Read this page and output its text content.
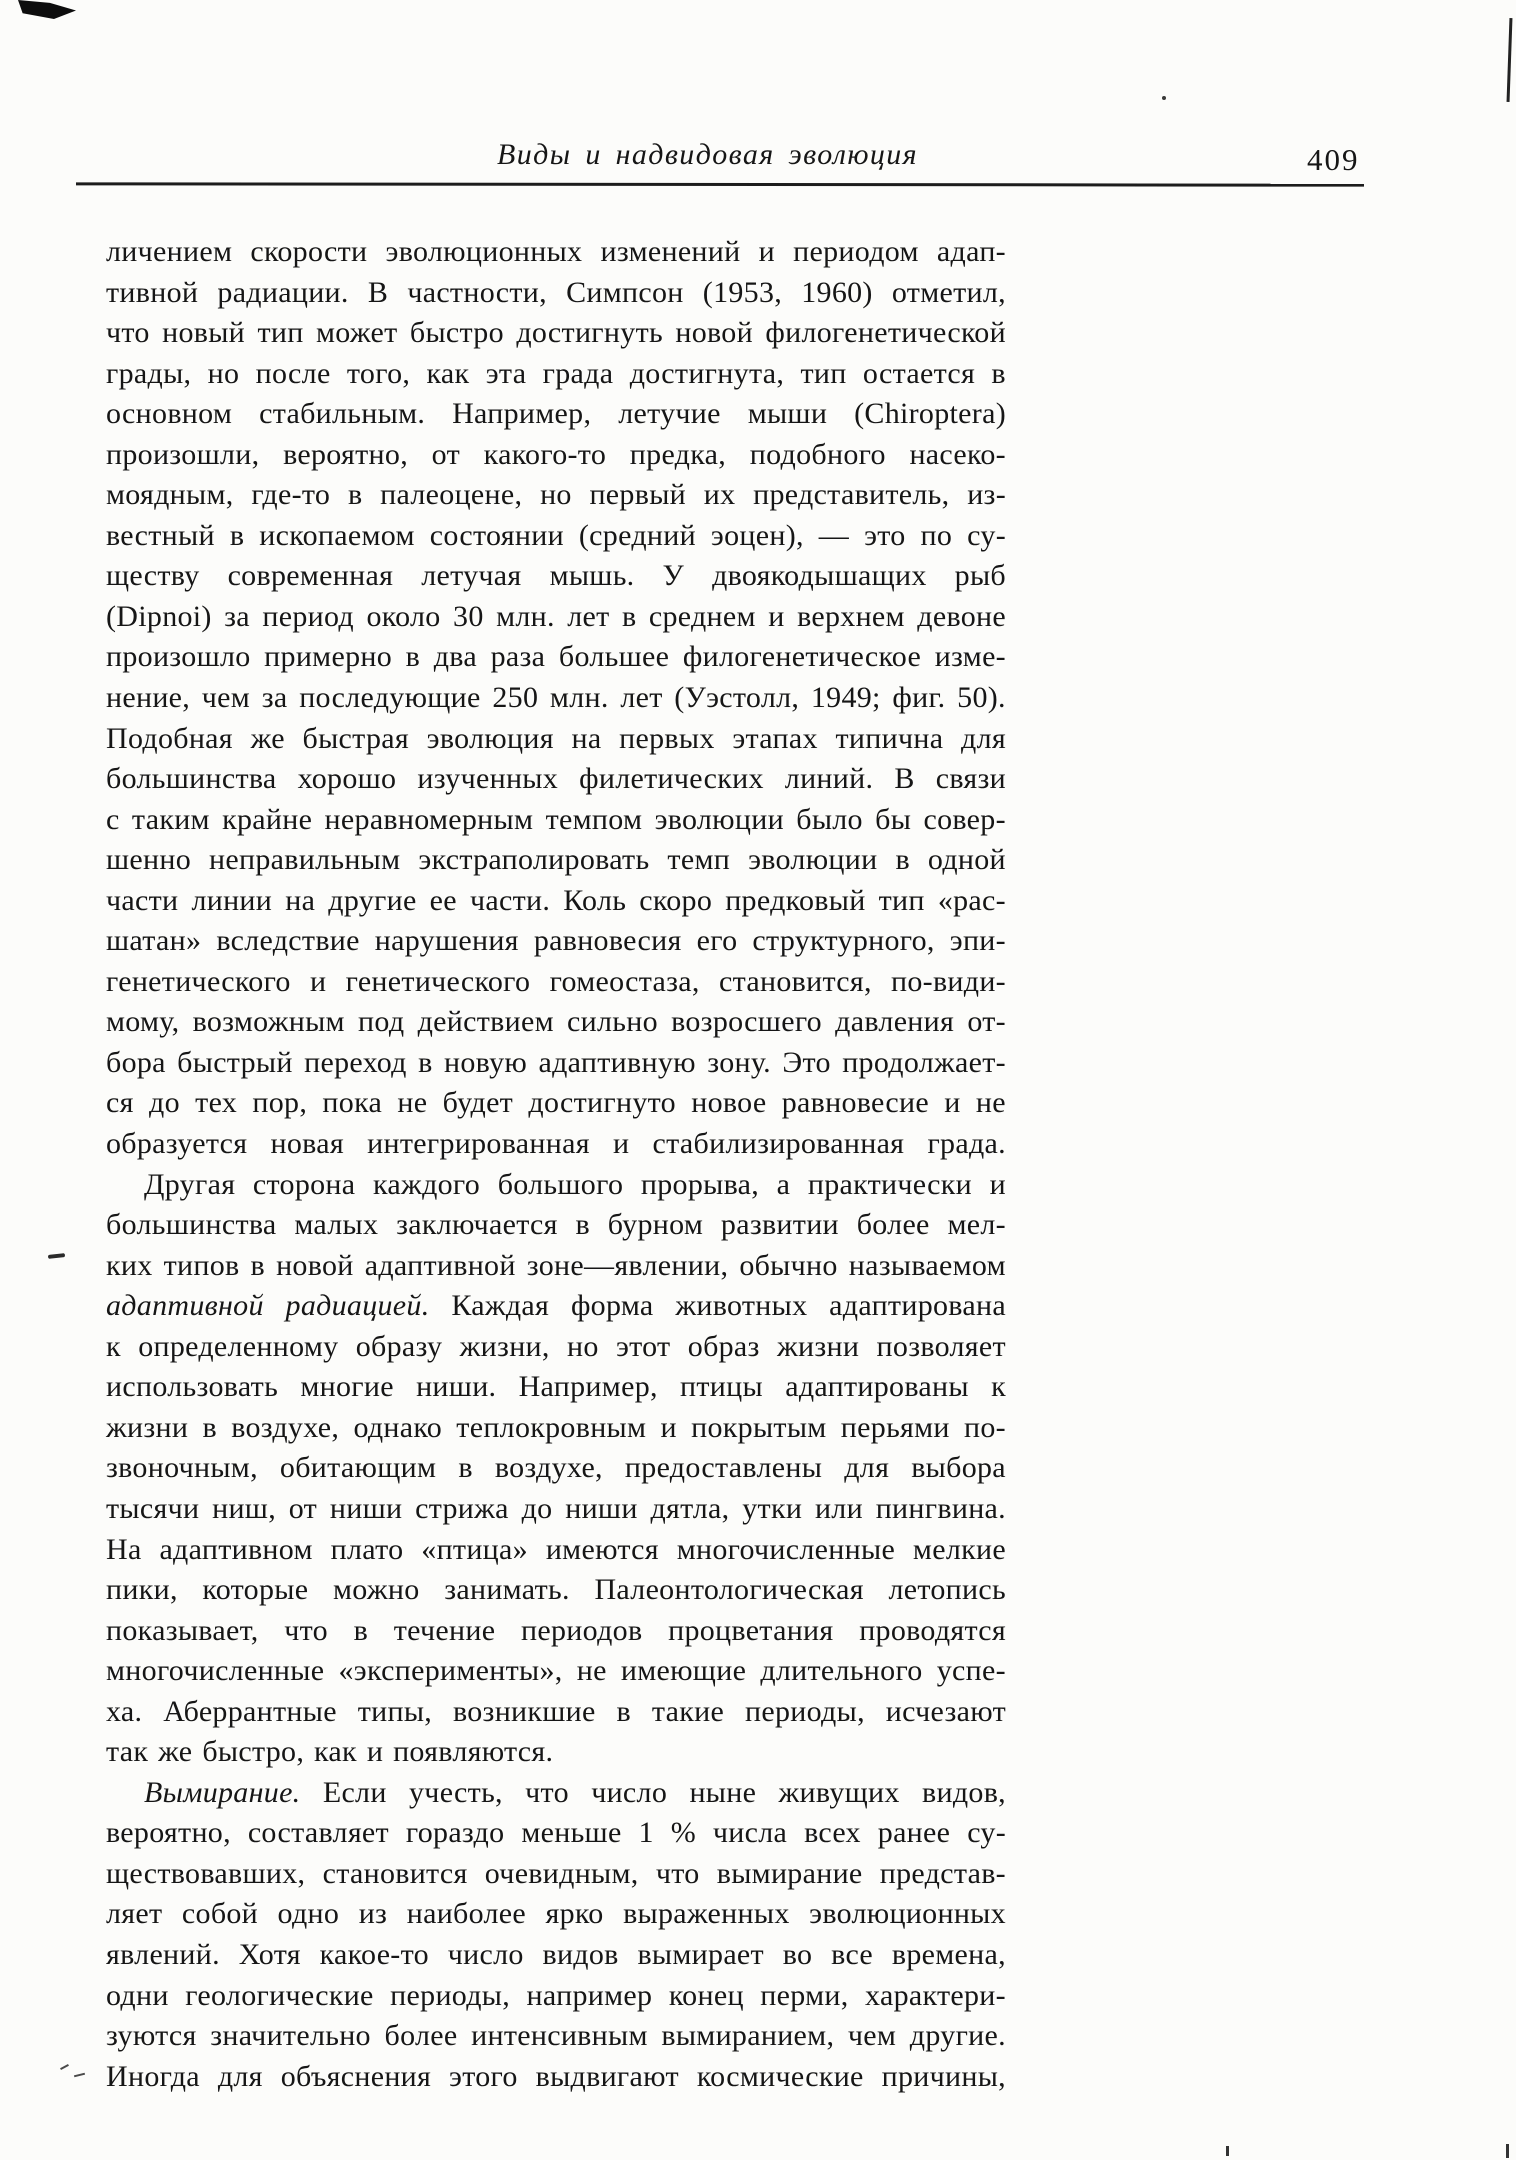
Виды и надвидовая эволюция	409
личением скорости эволюционных изменений и периодом адап-
тивной радиации. В частности, Симпсон (1953, 1960) отметил,
что новый тип может быстро достигнуть новой филогенетической
грады, но после того, как эта града достигнута, тип остается в
основном стабильным. Например, летучие мыши (Chiroptera)
произошли, вероятно, от какого-то предка, подобного насеко-
моядным, где-то в палеоцене, но первый их представитель, из-
вестный в ископаемом состоянии (средний эоцен), — это по су-
ществу современная летучая мышь. У двоякодышащих рыб
(Dipnoi) за период около 30 млн. лет в среднем и верхнем девоне
произошло примерно в два раза большее филогенетическое изме-
нение, чем за последующие 250 млн. лет (Уэстолл, 1949; фиг. 50).
Подобная же быстрая эволюция на первых этапах типична для
большинства хорошо изученных филетических линий. В связи
с таким крайне неравномерным темпом эволюции было бы совер-
шенно неправильным экстраполировать темп эволюции в одной
части линии на другие ее части. Коль скоро предковый тип «рас-
шатан» вследствие нарушения равновесия его структурного, эпи-
генетического и генетического гомеостаза, становится, по-види-
мому, возможным под действием сильно возросшего давления от-
бора быстрый переход в новую адаптивную зону. Это продолжает-
ся до тех пор, пока не будет достигнуто новое равновесие и не
образуется новая интегрированная и стабилизированная града.
Другая сторона каждого большого прорыва, а практически и
большинства малых заключается в бурном развитии более мел-
ких типов в новой адаптивной зоне—явлении, обычно называемом
адаптивной радиацией. Каждая форма животных адаптирована
к определенному образу жизни, но этот образ жизни позволяет
использовать многие ниши. Например, птицы адаптированы к
жизни в воздухе, однако теплокровным и покрытым перьями по-
звоночным, обитающим в воздухе, предоставлены для выбора
тысячи ниш, от ниши стрижа до ниши дятла, утки или пингвина.
На адаптивном плато «птица» имеются многочисленные мелкие
пики, которые можно занимать. Палеонтологическая летопись
показывает, что в течение периодов процветания проводятся
многочисленные «эксперименты», не имеющие длительного успе-
ха. Аберрантные типы, возникшие в такие периоды, исчезают
так же быстро, как и появляются.
Вымирание. Если учесть, что число ныне живущих видов,
вероятно, составляет гораздо меньше 1 % числа всех ранее су-
ществовавших, становится очевидным, что вымирание представ-
ляет собой одно из наиболее ярко выраженных эволюционных
явлений. Хотя какое-то число видов вымирает во все времена,
одни геологические периоды, например конец перми, характери-
зуются значительно более интенсивным вымиранием, чем другие.
Иногда для объяснения этого выдвигают космические причины,
